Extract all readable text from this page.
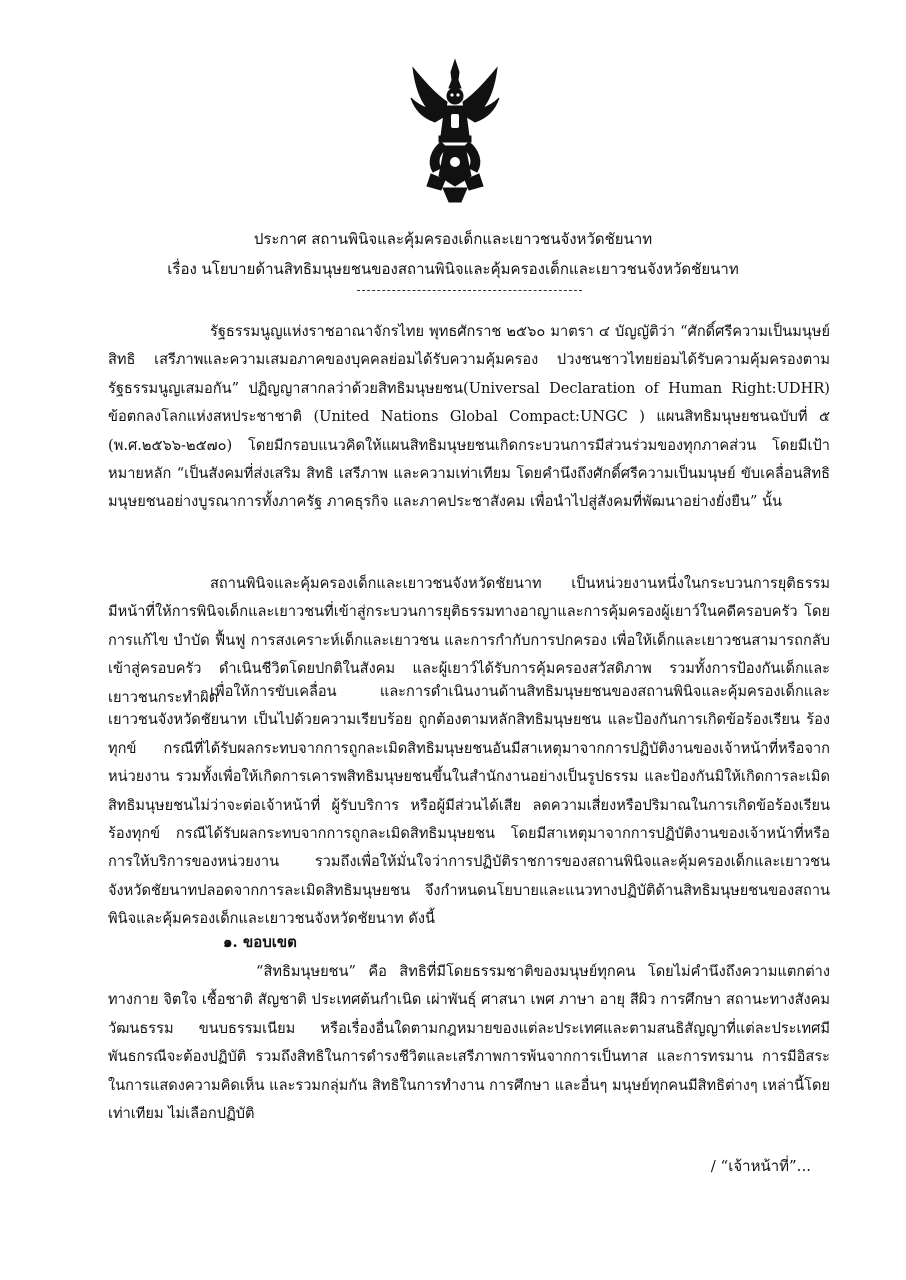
ประกาศ สถานพินิจและคุ้มครองเด็กและเยาวชนจังหวัดชัยนาท
เรื่อง นโยบายด้านสิทธิมนุษยชนของสถานพินิจและคุ้มครองเด็กและเยาวชนจังหวัดชัยนาท

รัฐธรรมนูญแห่งราชอาณาจักรไทย พุทธศักราช ๒๕๖๐ มาตรา ๔ บัญญัติว่า “ศักดิ์ศรีความเป็นมนุษย์ สิทธิ เสรีภาพและความเสมอภาคของบุคคลย่อมได้รับความคุ้มครอง ปวงชนชาวไทยย่อมได้รับความคุ้มครองตามรัฐธรรมนูญเสมอกัน” ปฏิญญาสากลว่าด้วยสิทธิมนุษยชน(Universal Declaration of Human Right:UDHR) ข้อตกลงโลกแห่งสหประชาชาติ (United Nations Global Compact:UNGC ) แผนสิทธิมนุษยชนฉบับที่ ๕ (พ.ศ.๒๕๖๖-๒๕๗๐) โดยมีกรอบแนวคิดให้แผนสิทธิมนุษยชนเกิดกระบวนการมีส่วนร่วมของทุกภาคส่วน โดยมีเป้าหมายหลัก “เป็นสังคมที่ส่งเสริม สิทธิ เสรีภาพ และความเท่าเทียม โดยคำนึงถึงศักดิ์ศรีความเป็นมนุษย์ ขับเคลื่อนสิทธิมนุษยชนอย่างบูรณาการทั้งภาครัฐ ภาคธุรกิจ และภาคประชาสังคม เพื่อนำไปสู่สังคมที่พัฒนาอย่างยั่งยืน” นั้น

สถานพินิจและคุ้มครองเด็กและเยาวชนจังหวัดชัยนาท เป็นหน่วยงานหนึ่งในกระบวนการยุติธรรม มีหน้าที่ให้การพินิจเด็กและเยาวชนที่เข้าสู่กระบวนการยุติธรรมทางอาญาและการคุ้มครองผู้เยาว์ในคดีครอบครัว โดยการแก้ไข บำบัด ฟื้นฟู การสงเคราะห์เด็กและเยาวชน และการกำกับการปกครอง เพื่อให้เด็กและเยาวชนสามารถกลับเข้าสู่ครอบครัว ดำเนินชีวิตโดยปกติในสังคม และผู้เยาว์ได้รับการคุ้มครองสวัสดิภาพ รวมทั้งการป้องกันเด็กและเยาวชนกระทำผิด

เพื่อให้การขับเคลื่อน และการดำเนินงานด้านสิทธิมนุษยชนของสถานพินิจและคุ้มครองเด็กและเยาวชนจังหวัดชัยนาท เป็นไปด้วยความเรียบร้อย ถูกต้องตามหลักสิทธิมนุษยชน และป้องกันการเกิดข้อร้องเรียน ร้องทุกข์ กรณีที่ได้รับผลกระทบจากการถูกละเมิดสิทธิมนุษยชนอันมีสาเหตุมาจากการปฏิบัติงานของเจ้าหน้าที่หรือจากหน่วยงาน รวมทั้งเพื่อให้เกิดการเคารพสิทธิมนุษยชนขึ้นในสำนักงานอย่างเป็นรูปธรรม และป้องกันมิให้เกิดการละเมิดสิทธิมนุษยชนไม่ว่าจะต่อเจ้าหน้าที่ ผู้รับบริการ หรือผู้มีส่วนได้เสีย ลดความเสี่ยงหรือปริมาณในการเกิดข้อร้องเรียน ร้องทุกข์ กรณีได้รับผลกระทบจากการถูกละเมิดสิทธิมนุษยชน โดยมีสาเหตุมาจากการปฏิบัติงานของเจ้าหน้าที่หรือการให้บริการของหน่วยงาน รวมถึงเพื่อให้มั่นใจว่าการปฏิบัติราชการของสถานพินิจและคุ้มครองเด็กและเยาวชนจังหวัดชัยนาทปลอดจากการละเมิดสิทธิมนุษยชน จึงกำหนดนโยบายและแนวทางปฏิบัติด้านสิทธิมนุษยชนของสถานพินิจและคุ้มครองเด็กและเยาวชนจังหวัดชัยนาท ดังนี้

๑. ขอบเขต

“สิทธิมนุษยชน” คือ สิทธิที่มีโดยธรรมชาติของมนุษย์ทุกคน โดยไม่คำนึงถึงความแตกต่างทางกาย จิตใจ เชื้อชาติ สัญชาติ ประเทศต้นกำเนิด เผ่าพันธุ์ ศาสนา เพศ ภาษา อายุ สีผิว การศึกษา สถานะทางสังคม วัฒนธรรม ขนบธรรมเนียม หรือเรื่องอื่นใดตามกฎหมายของแต่ละประเทศและตามสนธิสัญญาที่แต่ละประเทศมีพันธกรณีจะต้องปฏิบัติ รวมถึงสิทธิในการดำรงชีวิตและเสรีภาพการพ้นจากการเป็นทาส และการทรมาน การมีอิสระในการแสดงความคิดเห็น และรวมกลุ่มกัน สิทธิในการทำงาน การศึกษา และอื่นๆ มนุษย์ทุกคนมีสิทธิต่างๆ เหล่านี้โดยเท่าเทียม ไม่เลือกปฏิบัติ

/ “เจ้าหน้าที่”...
